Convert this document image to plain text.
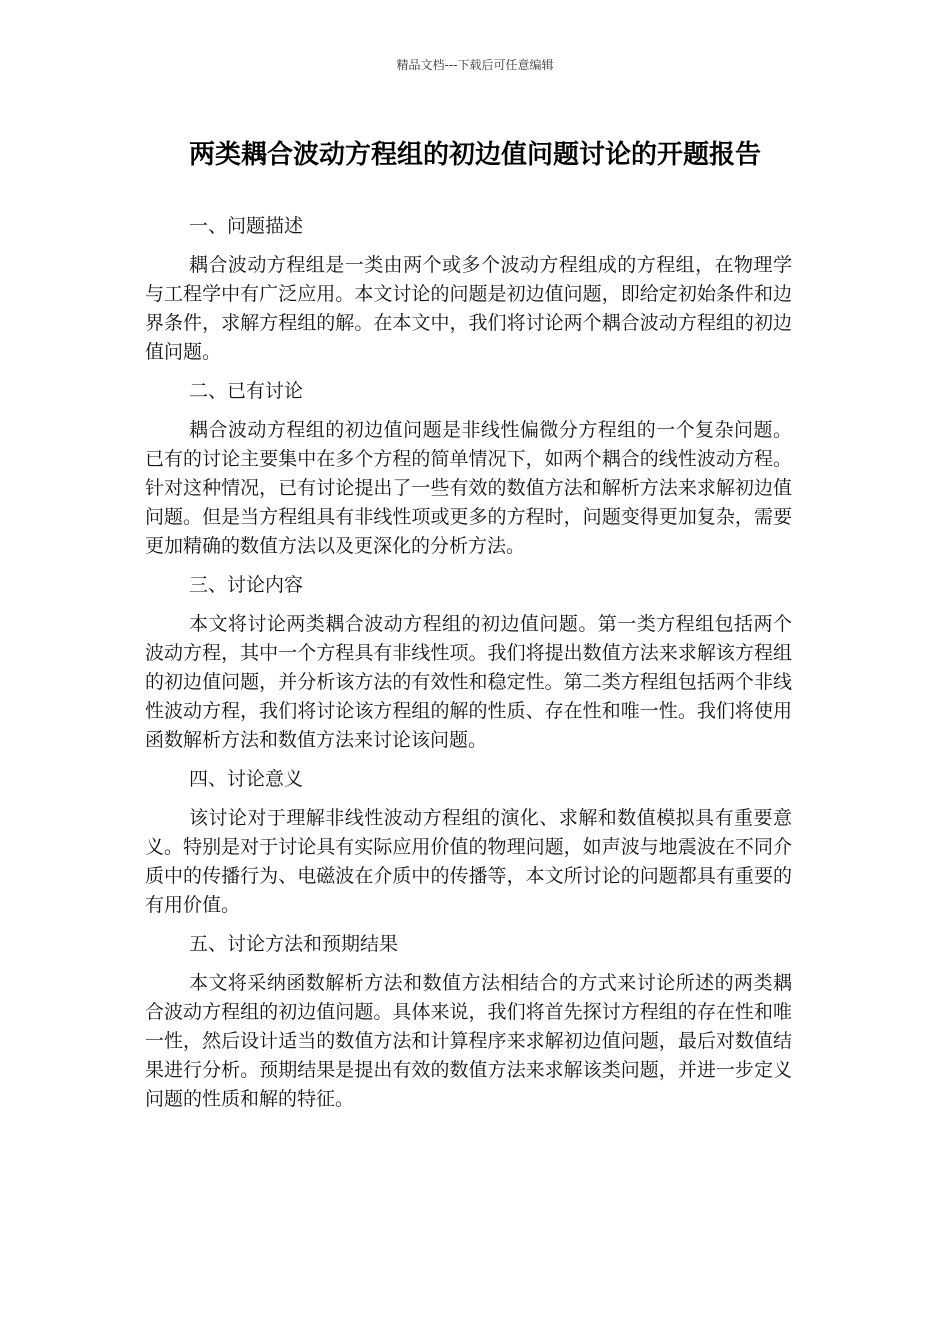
精品文档---下载后可任意编辑
两类耦合波动方程组的初边值问题讨论的开题报告

一、问题描述

耦合波动方程组是一类由两个或多个波动方程组成的方程组，在物理学与工程学中有广泛应用。本文讨论的问题是初边值问题，即给定初始条件和边界条件，求解方程组的解。在本文中，我们将讨论两个耦合波动方程组的初边值问题。

二、已有讨论

耦合波动方程组的初边值问题是非线性偏微分方程组的一个复杂问题。已有的讨论主要集中在多个方程的简单情况下，如两个耦合的线性波动方程。针对这种情况，已有讨论提出了一些有效的数值方法和解析方法来求解初边值问题。但是当方程组具有非线性项或更多的方程时，问题变得更加复杂，需要更加精确的数值方法以及更深化的分析方法。

三、讨论内容

本文将讨论两类耦合波动方程组的初边值问题。第一类方程组包括两个波动方程，其中一个方程具有非线性项。我们将提出数值方法来求解该方程组的初边值问题，并分析该方法的有效性和稳定性。第二类方程组包括两个非线性波动方程，我们将讨论该方程组的解的性质、存在性和唯一性。我们将使用函数解析方法和数值方法来讨论该问题。

四、讨论意义

该讨论对于理解非线性波动方程组的演化、求解和数值模拟具有重要意义。特别是对于讨论具有实际应用价值的物理问题，如声波与地震波在不同介质中的传播行为、电磁波在介质中的传播等，本文所讨论的问题都具有重要的有用价值。

五、讨论方法和预期结果

本文将采纳函数解析方法和数值方法相结合的方式来讨论所述的两类耦合波动方程组的初边值问题。具体来说，我们将首先探讨方程组的存在性和唯一性，然后设计适当的数值方法和计算程序来求解初边值问题，最后对数值结果进行分析。预期结果是提出有效的数值方法来求解该类问题，并进一步定义问题的性质和解的特征。
